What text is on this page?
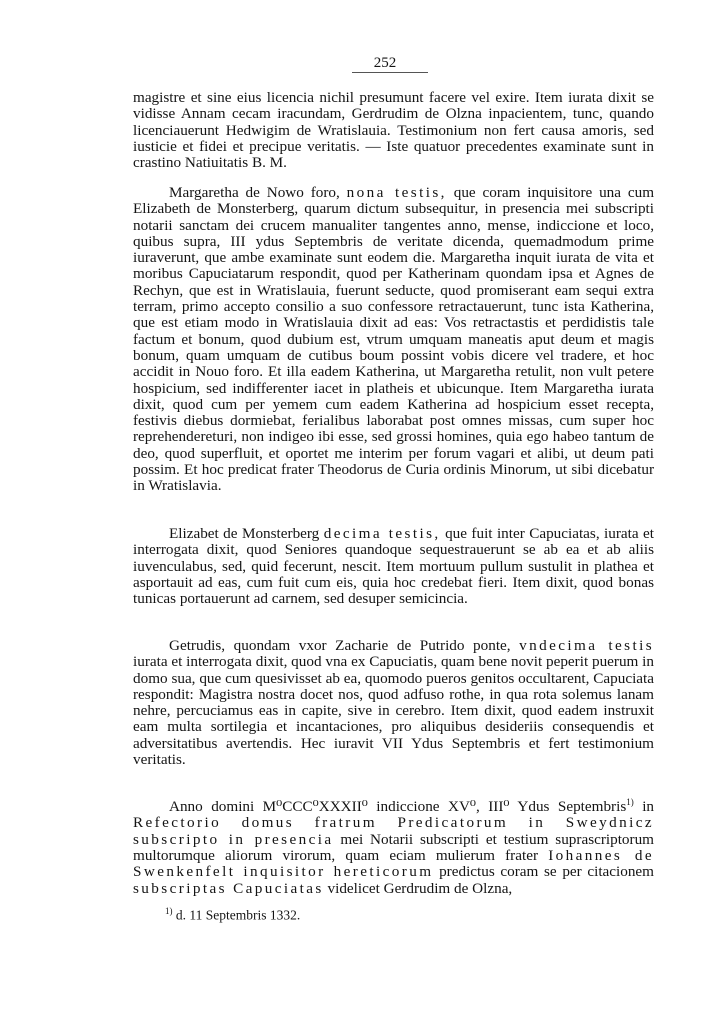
252

magistre et sine eius licencia nichil presumunt facere vel exire. Item iurata dixit se vidisse Annam cecam iracundam, Gerdrudim de Olzna inpacientem, tunc, quando licenciauerunt Hedwigim de Wratislauia. Testimonium non fert causa amoris, sed iusticie et fidei et precipue veritatis. — Iste quatuor precedentes examinate sunt in crastino Natiuitatis B. M.

Margaretha de Nowo foro, nona testis, que coram inquisitore una cum Elizabeth de Monsterberg, quarum dictum subsequitur, in presencia mei subscripti notarii sanctam dei crucem manualiter tangentes anno, mense, indiccione et loco, quibus supra, III ydus Septembris de veritate dicenda, quemadmodum prime iuraverunt, que ambe examinate sunt eodem die. Margaretha inquit iurata de vita et moribus Capuciatarum respondit, quod per Katherinam quondam ipsa et Agnes de Rechyn, que est in Wratislauia, fuerunt seducte, quod promiserant eam sequi extra terram, primo accepto consilio a suo confessore retractauerunt, tunc ista Katherina, que est etiam modo in Wratislauia dixit ad eas: Vos retractastis et perdidistis tale factum et bonum, quod dubium est, vtrum umquam maneatis aput deum et magis bonum, quam umquam de cutibus boum possint vobis dicere vel tradere, et hoc accidit in Nouo foro. Et illa eadem Katherina, ut Margaretha retulit, non vult petere hospicium, sed indifferenter iacet in platheis et ubicunque. Item Margaretha iurata dixit, quod cum per yemem cum eadem Katherina ad hospicium esset recepta, festivis diebus dormiebat, ferialibus laborabat post omnes missas, cum super hoc reprehendereturi, non indigeo ibi esse, sed grossi homines, quia ego habeo tantum de deo, quod superfluit, et oportet me interim per forum vagari et alibi, ut deum pati possim. Et hoc predicat frater Theodorus de Curia ordinis Minorum, ut sibi dicebatur in Wratislavia.

Elizabet de Monsterberg decima testis, que fuit inter Capuciatas, iurata et interrogata dixit, quod Seniores quandoque sequestrauerunt se ab ea et ab aliis iuvenculabus, sed, quid fecerunt, nescit. Item mortuum pullum sustulit in plathea et asportauit ad eas, cum fuit cum eis, quia hoc credebat fieri. Item dixit, quod bonas tunicas portauerunt ad carnem, sed desuper semicincia.

Getrudis, quondam vxor Zacharie de Putrido ponte, vndecima testis iurata et interrogata dixit, quod vna ex Capuciatis, quam bene novit peperit puerum in domo sua, que cum quesivisset ab ea, quomodo pueros genitos occultarent, Capuciata respondit: Magistra nostra docet nos, quod adfuso rothe, in qua rota solemus lanam nehre, percuciamus eas in capite, sive in cerebro. Item dixit, quod eadem instruxit eam multa sortilegia et incantaciones, pro aliquibus desideriis consequendis et adversitatibus avertendis. Hec iuravit VII Ydus Septembris et fert testimonium veritatis.

Anno domini M⁰CCC⁰XXXII⁰ indiccione XV⁰, III⁰ Ydus Septembris$^{1)}$ in Refectorio domus fratrum Predicatorum in Sweydnicz subscripto in presencia mei Notarii subscripti et testium suprascriptorum multorumque aliorum virorum, quam eciam mulierum frater Iohannes de Swenkenfelt inquisitor hereticorum predictus coram se per citacionem subscriptas Capuciatas videlicet Gerdrudim de Olzna,

$^{1)}$ d. 11 Septembris 1332.
